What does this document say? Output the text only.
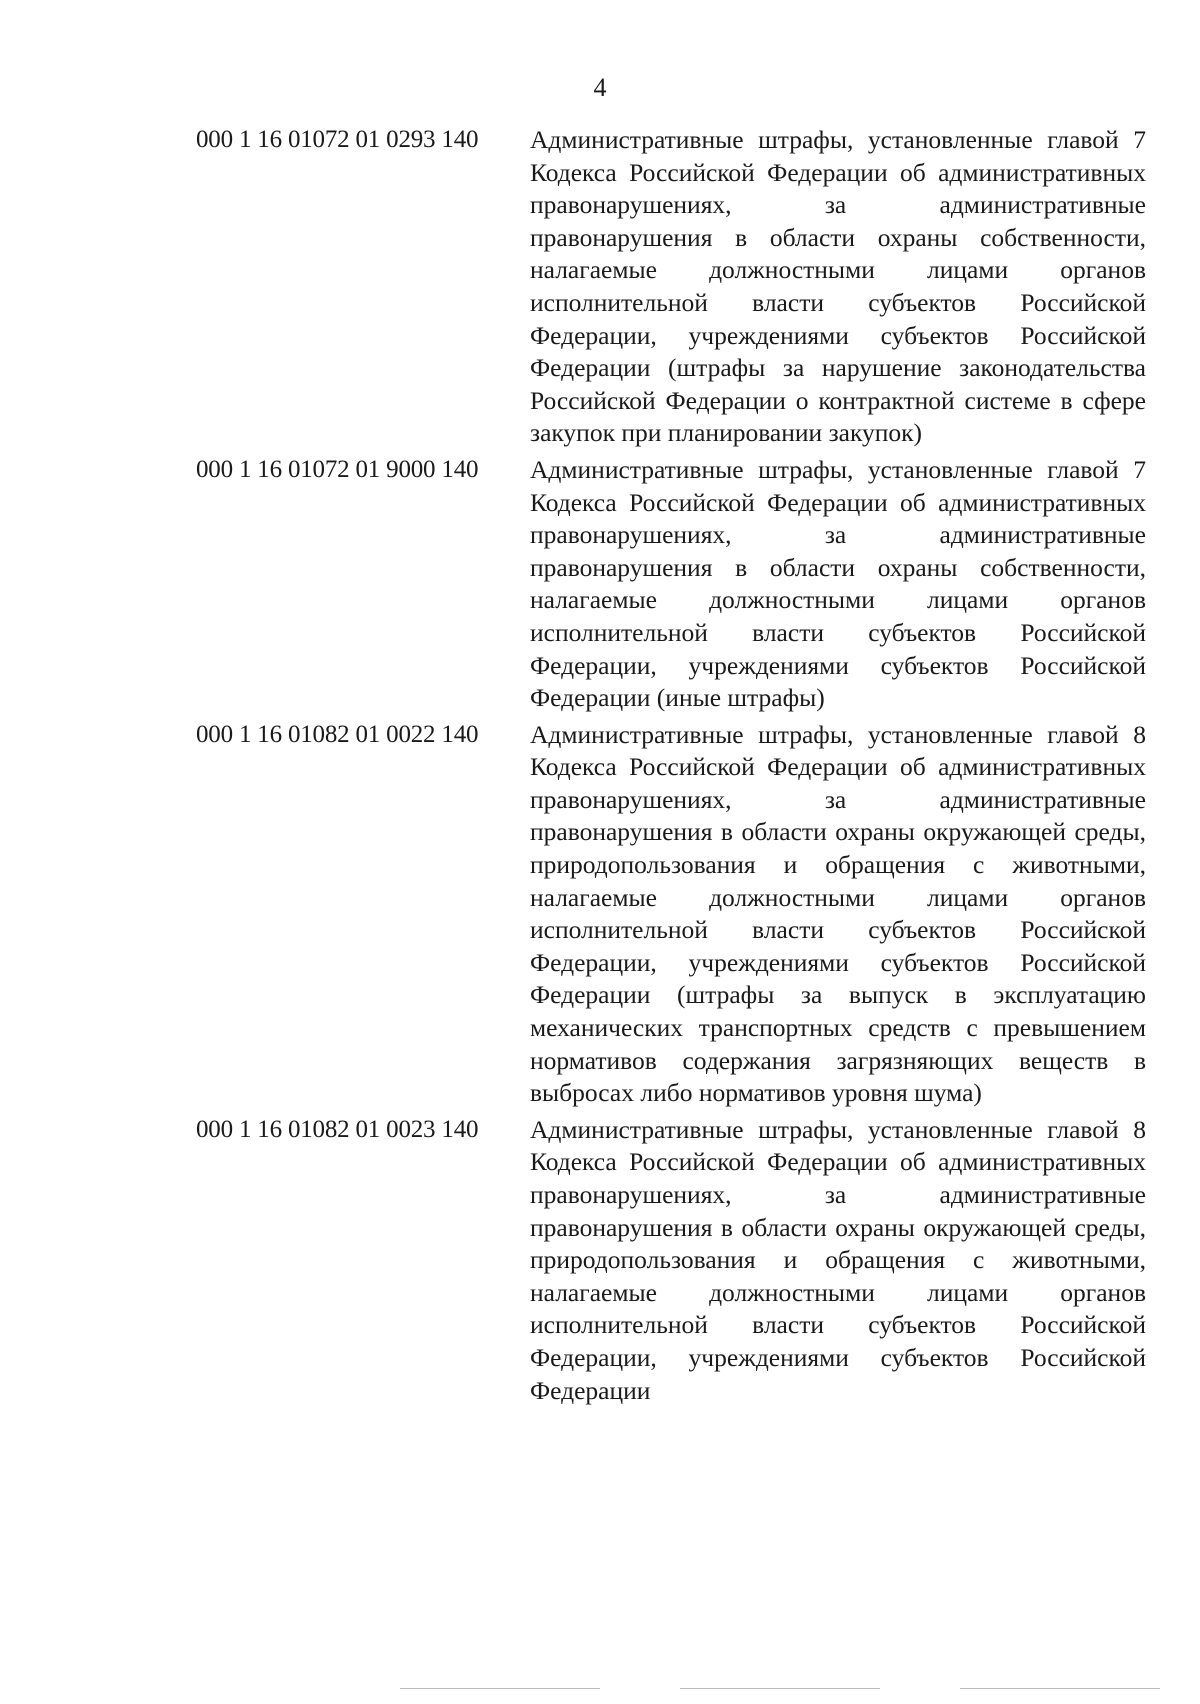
4
000 1 16 01072 01 0293 140	Административные штрафы, установленные главой 7 Кодекса Российской Федерации об административных правонарушениях, за административные правонарушения в области охраны собственности, налагаемые должностными лицами органов исполнительной власти субъектов Российской Федерации, учреждениями субъектов Российской Федерации (штрафы за нарушение законодательства Российской Федерации о контрактной системе в сфере закупок при планировании закупок)
000 1 16 01072 01 9000 140	Административные штрафы, установленные главой 7 Кодекса Российской Федерации об административных правонарушениях, за административные правонарушения в области охраны собственности, налагаемые должностными лицами органов исполнительной власти субъектов Российской Федерации, учреждениями субъектов Российской Федерации (иные штрафы)
000 1 16 01082 01 0022 140	Административные штрафы, установленные главой 8 Кодекса Российской Федерации об административных правонарушениях, за административные правонарушения в области охраны окружающей среды, природопользования и обращения с животными, налагаемые должностными лицами органов исполнительной власти субъектов Российской Федерации, учреждениями субъектов Российской Федерации (штрафы за выпуск в эксплуатацию механических транспортных средств с превышением нормативов содержания загрязняющих веществ в выбросах либо нормативов уровня шума)
000 1 16 01082 01 0023 140	Административные штрафы, установленные главой 8 Кодекса Российской Федерации об административных правонарушениях, за административные правонарушения в области охраны окружающей среды, природопользования и обращения с животными, налагаемые должностными лицами органов исполнительной власти субъектов Российской Федерации, учреждениями субъектов Российской Федерации
